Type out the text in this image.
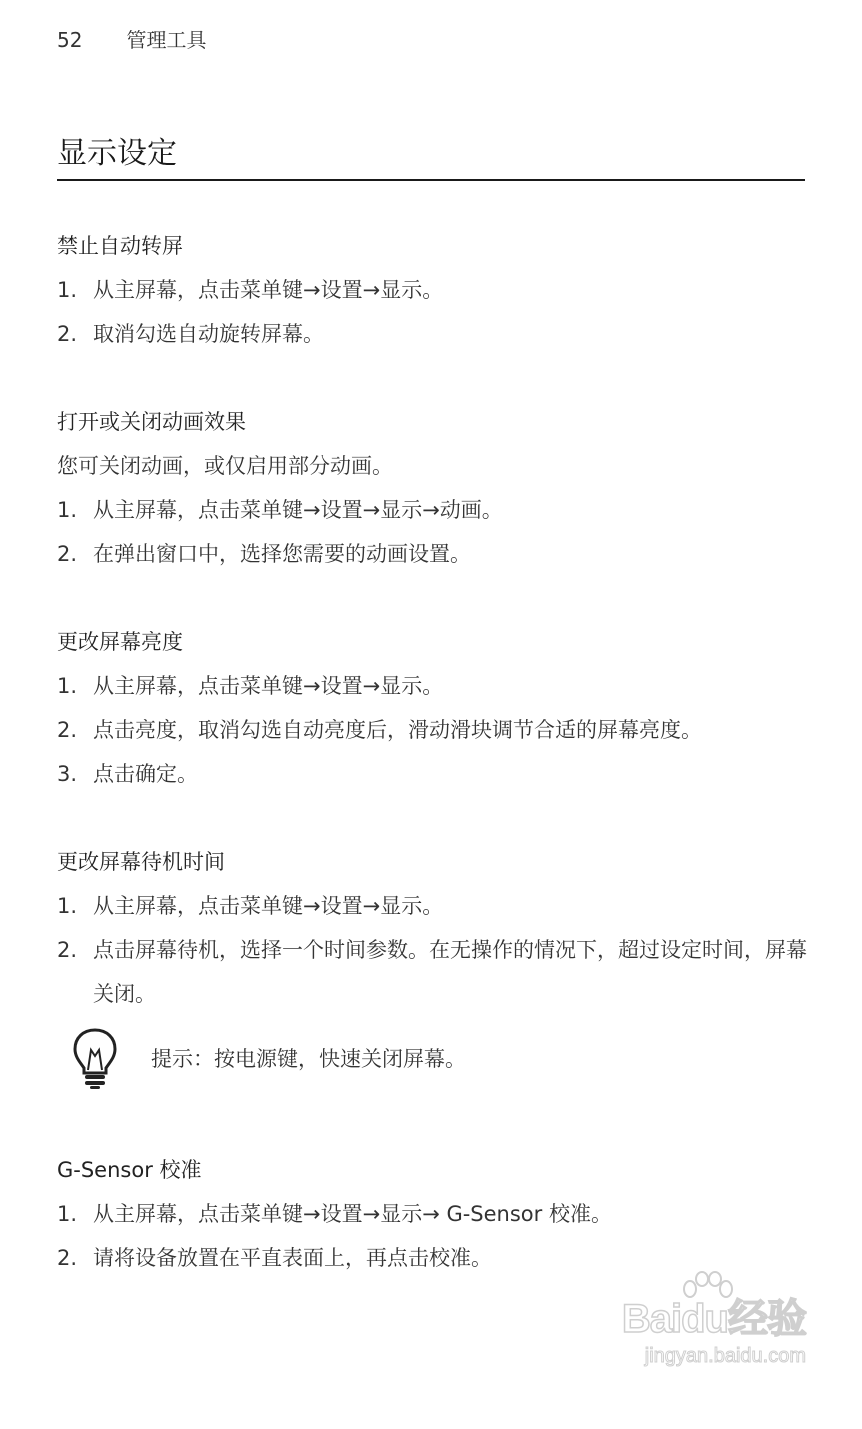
52 管理工具
显示设定
禁止自动转屏
1. 从主屏幕，点击菜单键→设置→显示。
2. 取消勾选自动旋转屏幕。
打开或关闭动画效果

您可关闭动画，或仅启用部分动画。

1. 从主屏幕，点击菜单键→设置→显示→动画。
2. 在弹出窗口中，选择您需要的动画设置。
更改屏幕亮度
1. 从主屏幕，点击菜单键→设置→显示。
2. 点击亮度，取消勾选自动亮度后，滑动滑块调节合适的屏幕亮度。
3. 点击确定。
更改屏幕待机时间
1. 从主屏幕，点击菜单键→设置→显示。
2. 点击屏幕待机，选择一个时间参数。在无操作的情况下，超过设定时间，屏幕关闭。
提示：按电源键，快速关闭屏幕。
G-Sensor 校准
1. 从主屏幕，点击菜单键→设置→显示→ G-Sensor 校准。
2. 请将设备放置在平直表面上，再点击校准。
Baidu经验
jingyan.baidu.com
